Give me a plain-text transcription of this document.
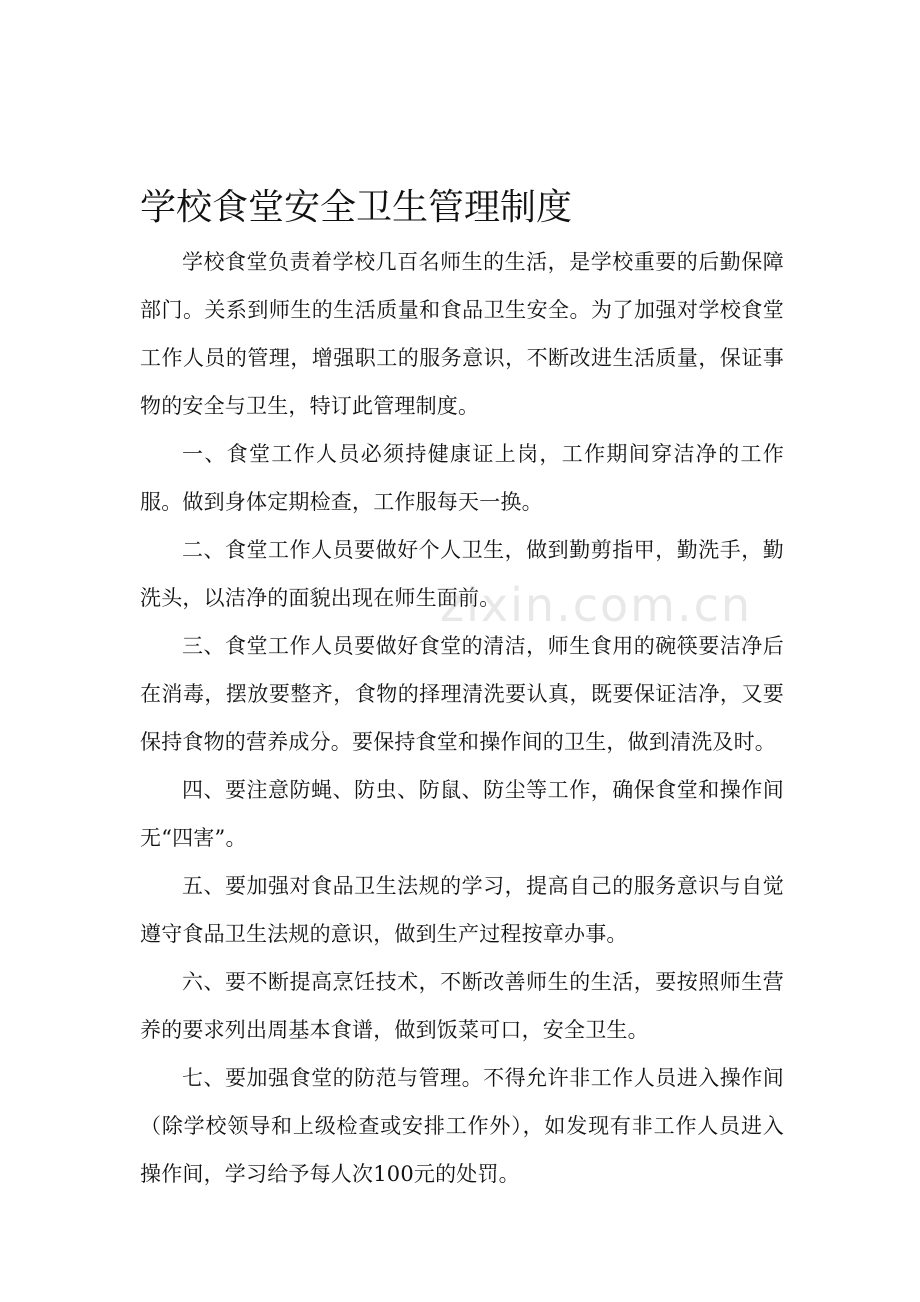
学校食堂安全卫生管理制度

学校食堂负责着学校几百名师生的生活，是学校重要的后勤保障部门。关系到师生的生活质量和食品卫生安全。为了加强对学校食堂工作人员的管理，增强职工的服务意识，不断改进生活质量，保证事物的安全与卫生，特订此管理制度。

一、食堂工作人员必须持健康证上岗，工作期间穿洁净的工作服。做到身体定期检查，工作服每天一换。

二、食堂工作人员要做好个人卫生，做到勤剪指甲，勤洗手，勤洗头，以洁净的面貌出现在师生面前。

三、食堂工作人员要做好食堂的清洁，师生食用的碗筷要洁净后在消毒，摆放要整齐，食物的择理清洗要认真，既要保证洁净，又要保持食物的营养成分。要保持食堂和操作间的卫生，做到清洗及时。

四、要注意防蝇、防虫、防鼠、防尘等工作，确保食堂和操作间无“四害”。

五、要加强对食品卫生法规的学习，提高自己的服务意识与自觉遵守食品卫生法规的意识，做到生产过程按章办事。

六、要不断提高烹饪技术，不断改善师生的生活，要按照师生营养的要求列出周基本食谱，做到饭菜可口，安全卫生。

七、要加强食堂的防范与管理。不得允许非工作人员进入操作间（除学校领导和上级检查或安排工作外），如发现有非工作人员进入操作间，学习给予每人次100元的处罚。

zixin.com.cn
